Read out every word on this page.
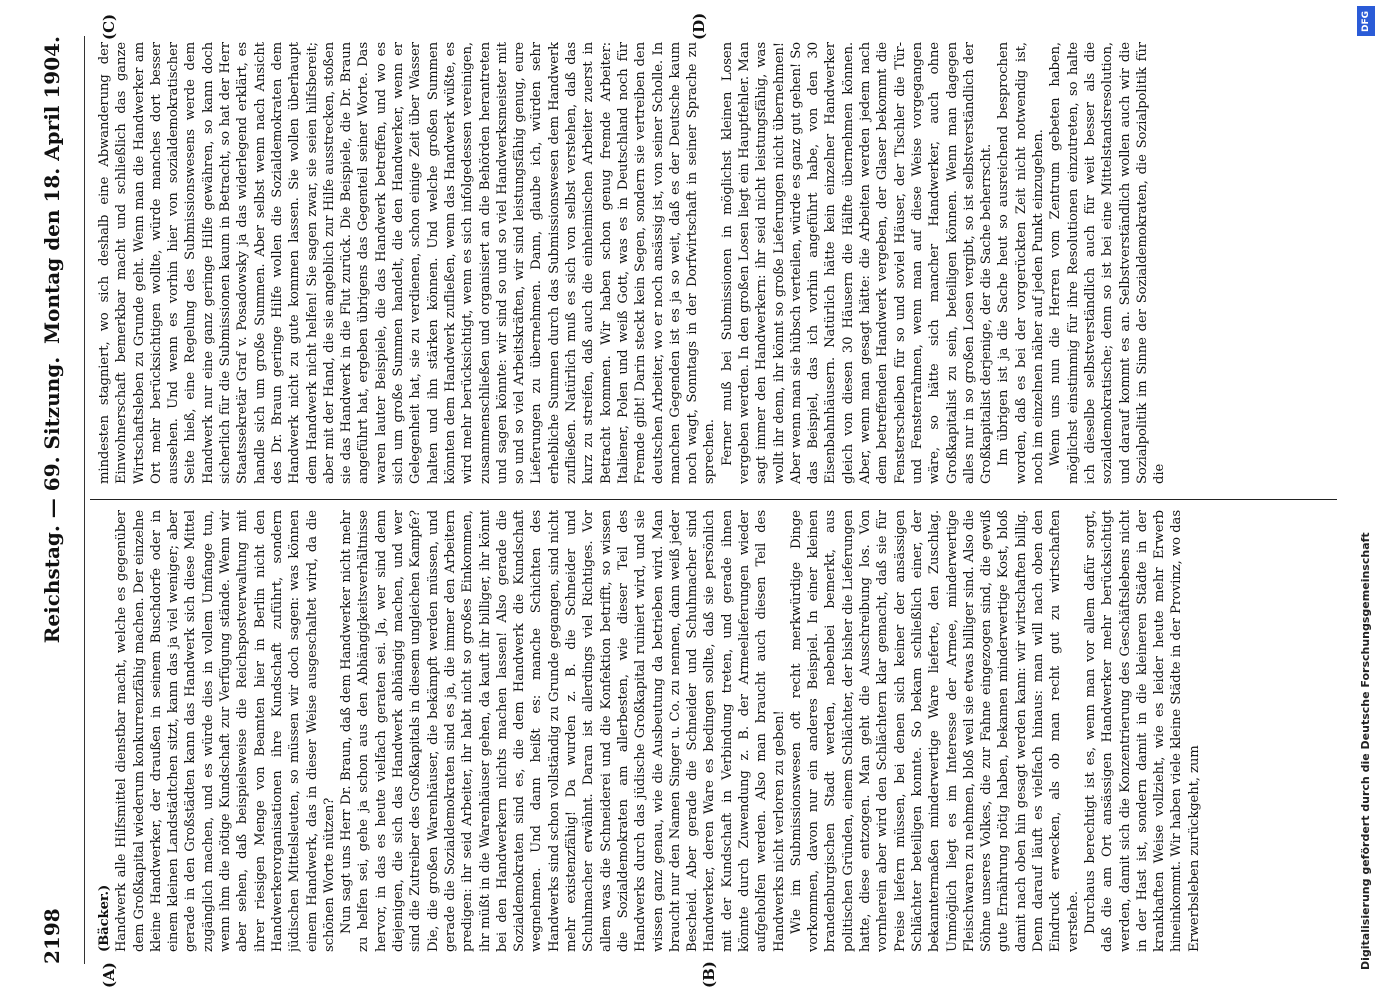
2198
Reichstag. — 69. Sitzung.
Montag den 18. April 1904.
(A)	(B)
(C)	(D)

(Bäcker.) Handwerk alle Hilfsmittel dienstbar macht, welche es gegenüber dem Großkapital wiederum konkurrenzfähig machen. Der einzelne kleine Handwerker, der draußen in seinem Buschdorfe oder in einem kleinen Landstädtchen sitzt, kann das ja viel weniger; aber gerade in den Großstädten kann das Handwerk sich diese Mittel zugänglich machen, und es würde dies in vollem Umfange tun, wenn ihm die nötige Kundschaft zur Verfügung stände. Wenn wir aber sehen, daß beispielsweise die Reichspostverwaltung mit ihrer riesigen Menge von Beamten hier in Berlin nicht den Handwerkerorganisationen ihre Kundschaft zuführt, sondern jüdischen Mittelsleuten, so müssen wir doch sagen: was können einem Handwerk, das in dieser Weise ausgeschaltet wird, da die schönen Worte nützen? Nun sagt uns Herr Dr. Braun, daß dem Handwerker nicht mehr zu helfen sei, gehe ja schon aus den Abhängigkeitsverhältnisse hervor, in das es heute vielfach geraten sei. Ja, wer sind denn diejenigen, die sich das Handwerk abhängig machen, und wer sind die Zutreiber des Großkapitals in diesem ungleichen Kampfe? Die, die großen Warenhäuser, die bekämpft werden müssen, und gerade die Sozialdemokraten sind es ja, die immer den Arbeitern predigen: ihr seid Arbeiter, ihr habt nicht so großes Einkommen, ihr müßt in die Warenhäuser gehen, da kauft ihr billiger, ihr könnt bei den Handwerkern nichts machen lassen! Also gerade die Sozialdemokraten sind es, die dem Handwerk die Kundschaft wegnehmen. Und dann heißt es: manche Schichten des Handwerks sind schon vollständig zu Grunde gegangen, sind nicht mehr existenzfähig! Da wurden z. B. die Schneider und Schuhmacher erwähnt. Daran ist allerdings viel Richtiges. Vor allem was die Schneiderei und die Konfektion betrifft, so wissen die Sozialdemokraten am allerbesten, wie dieser Teil des Handwerks durch das jüdische Großkapital ruiniert wird, und sie wissen ganz genau, wie die Ausbeutung da betrieben wird. Man braucht nur den Namen Singer u. Co. zu nennen, dann weiß jeder Bescheid. Aber gerade die Schneider und Schuhmacher sind Handwerker, deren Ware es bedingen sollte, daß sie persönlich mit der Kundschaft in Verbindung treten, und gerade ihnen könnte durch Zuwendung z. B. der Armeelieferungen wieder aufgeholfen werden. Also man braucht auch diesen Teil des Handwerks nicht verloren zu geben! Wie im Submissionswesen oft recht merkwürdige Dinge vorkommen, davon nur ein anderes Beispiel. In einer kleinen brandenburgischen Stadt werden, nebenbei bemerkt, aus politischen Gründen, einem Schlächter, der bisher die Lieferungen hatte, diese entzogen. Man geht die Ausschreibung los. Von vornherein aber wird den Schlächtern klar gemacht, daß sie für Preise liefern müssen, bei denen sich keiner der ansässigen Schlächter beteiligen konnte. So bekam schließlich einer, der bekanntermaßen minderwertige Ware lieferte, den Zuschlag. Unmöglich liegt es im Interesse der Armee, minderwertige Fleischwaren zu nehmen, bloß weil sie etwas billiger sind. Also die Söhne unseres Volkes, die zur Fahne eingezogen sind, die gewiß gute Ernährung nötig haben, bekamen minderwertige Kost, bloß damit nach oben hin gesagt werden kann: wir wirtschaften billig. Denn darauf läuft es vielfach hinaus: man will nach oben den Eindruck erwecken, als ob man recht gut zu wirtschaften verstehe. Durchaus berechtigt ist es, wenn man vor allem dafür sorgt, daß die am Ort ansässigen Handwerker mehr berücksichtigt werden, damit sich die Konzentrierung des Geschäftslebens nicht in der Hast ist, sondern damit in die kleineren Städte in der krankhaften Weise vollzieht, wie es leider heute mehr Erwerb hineinkommt. Wir haben viele kleine Städte in der Provinz, wo das Erwerbsleben zurückgeht, zum

mindesten stagniert, wo sich deshalb eine Abwanderung der Einwohnerschaft bemerkbar macht und schließlich das ganze Wirtschaftsleben zu Grunde geht. Wenn man die Handwerker am Ort mehr berücksichtigen wollte, würde manches dort besser aussehen. Und wenn es vorhin hier von sozialdemokratischer Seite hieß, eine Regelung des Submissionswesens werde dem Handwerk nur eine ganz geringe Hilfe gewähren, so kann doch sicherlich für die Submissionen kaum in Betracht, so hat der Herr Staatssekretär Graf v. Posadowsky ja das widerlegend erklärt, es handle sich um große Summen. Aber selbst wenn nach Ansicht des Dr. Braun geringe Hilfe wollen die Sozialdemokraten dem Handwerk nicht zu gute kommen lassen. Sie wollen überhaupt dem Handwerk nicht helfen! Sie sagen zwar, sie seien hilfsbereit; aber mit der Hand, die sie angeblich zur Hilfe ausstrecken, stoßen sie das Handwerk in die Flut zurück. Die Beispiele, die Dr. Braun angeführt hat, ergeben übrigens das Gegenteil seiner Worte. Das waren lauter Beispiele, die das Handwerk betreffen, und wo es sich um große Summen handelt, die den Handwerker, wenn er Gelegenheit hat, sie zu verdienen, schon einige Zeit über Wasser halten und ihn stärken können. Und welche großen Summen könnten dem Handwerk zufließen, wenn das Handwerk wüßte, es wird mehr berücksichtigt, wenn es sich infolgedessen vereinigen, zusammenschließen und organisiert an die Behörden herantreten und sagen könnte: wir sind so und so viel Handwerksmeister mit so und so viel Arbeitskräften, wir sind leistungsfähig genug, eure Lieferungen zu übernehmen. Dann, glaube ich, würden sehr erhebliche Summen durch das Submissionswesen dem Handwerk zufließen. Natürlich muß es sich von selbst verstehen, daß das kurz zu streifen, daß auch die einheimischen Arbeiter zuerst in Betracht kommen. Wir haben schon genug fremde Arbeiter: Italiener, Polen und weiß Gott, was es in Deutschland noch für Fremde gibt! Darin steckt kein Segen, sondern sie vertreiben den deutschen Arbeiter, wo er noch ansässig ist, von seiner Scholle. In manchen Gegenden ist es ja so weit, daß es der Deutsche kaum noch wagt, Sonntags in der Dorfwirtschaft in seiner Sprache zu sprechen. Ferner muß bei Submissionen in möglichst kleinen Losen vergeben werden. In den großen Losen liegt ein Hauptfehler. Man sagt immer den Handwerkern: ihr seid nicht leistungsfähig, was wollt ihr denn, ihr könnt so große Lieferungen nicht übernehmen! Aber wenn man sie hübsch verteilen, würde es ganz gut gehen! So das Beispiel, das ich vorhin angeführt habe, von den 30 Eisenbahnhäusern. Natürlich hätte kein einzelner Handwerker gleich von diesen 30 Häusern die Hälfte übernehmen können. Aber, wenn man gesagt hätte: die Arbeiten werden jedem nach dem betreffenden Handwerk vergeben, der Glaser bekommt die Fensterscheiben für so und soviel Häuser, der Tischler die Tür- und Fensterrahmen, wenn man auf diese Weise vorgegangen wäre, so hätte sich mancher Handwerker, auch ohne Großkapitalist zu sein, beteiligen können. Wenn man dagegen alles nur in so großen Losen vergibt, so ist selbstverständlich der Großkapitalist derjenige, der die Sache beherrscht. Im übrigen ist ja die Sache heut so ausreichend besprochen worden, daß es bei der vorgerückten Zeit nicht notwendig ist, noch im einzelnen näher auf jeden Punkt einzugehen. Wenn uns nun die Herren vom Zentrum gebeten haben, möglichst einstimmig für ihre Resolutionen einzutreten, so halte ich dieselbe selbstverständlich auch für weit besser als die sozialdemokratische; denn so ist bei eine Mittelstandsresolution, und darauf kommt es an. Selbstverständlich wollen auch wir die Sozialpolitik im Sinne der Sozialdemokraten, die Sozialpolitik für die

Digitalisierung gefördert durch die Deutsche Forschungsgemeinschaft
DFG
